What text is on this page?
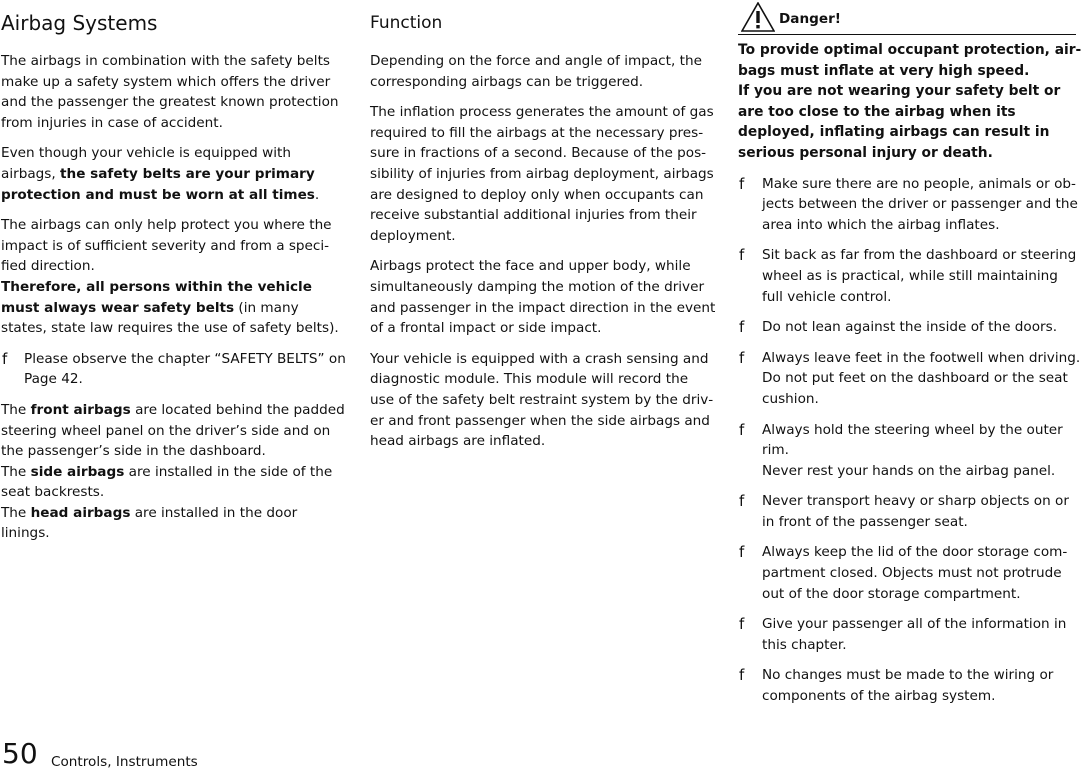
Airbag Systems

The airbags in combination with the safety belts make up a safety system which offers the driver and the passenger the greatest known protection from injuries in case of accident.

Even though your vehicle is equipped with airbags, the safety belts are your primary protection and must be worn at all times.

The airbags can only help protect you where the impact is of sufficient severity and from a specified direction.
Therefore, all persons within the vehicle must always wear safety belts (in many states, state law requires the use of safety belts).

f Please observe the chapter “SAFETY BELTS” on Page 42.

The front airbags are located behind the padded steering wheel panel on the driver’s side and on the passenger’s side in the dashboard.
The side airbags are installed in the side of the seat backrests.
The head airbags are installed in the door linings.

Function

Depending on the force and angle of impact, the corresponding airbags can be triggered.

The inflation process generates the amount of gas required to fill the airbags at the necessary pressure in fractions of a second. Because of the possibility of injuries from airbag deployment, airbags are designed to deploy only when occupants can receive substantial additional injuries from their deployment.

Airbags protect the face and upper body, while simultaneously damping the motion of the driver and passenger in the impact direction in the event of a frontal impact or side impact.

Your vehicle is equipped with a crash sensing and diagnostic module. This module will record the use of the safety belt restraint system by the driver and front passenger when the side airbags and head airbags are inflated.

Danger!

To provide optimal occupant protection, airbags must inflate at very high speed.
If you are not wearing your safety belt or are too close to the airbag when its deployed, inflating airbags can result in serious personal injury or death.

f Make sure there are no people, animals or objects between the driver or passenger and the area into which the airbag inflates.
f Sit back as far from the dashboard or steering wheel as is practical, while still maintaining full vehicle control.
f Do not lean against the inside of the doors.
f Always leave feet in the footwell when driving. Do not put feet on the dashboard or the seat cushion.
f Always hold the steering wheel by the outer rim.
Never rest your hands on the airbag panel.
f Never transport heavy or sharp objects on or in front of the passenger seat.
f Always keep the lid of the door storage compartment closed. Objects must not protrude out of the door storage compartment.
f Give your passenger all of the information in this chapter.
f No changes must be made to the wiring or components of the airbag system.
50 Controls, Instruments
